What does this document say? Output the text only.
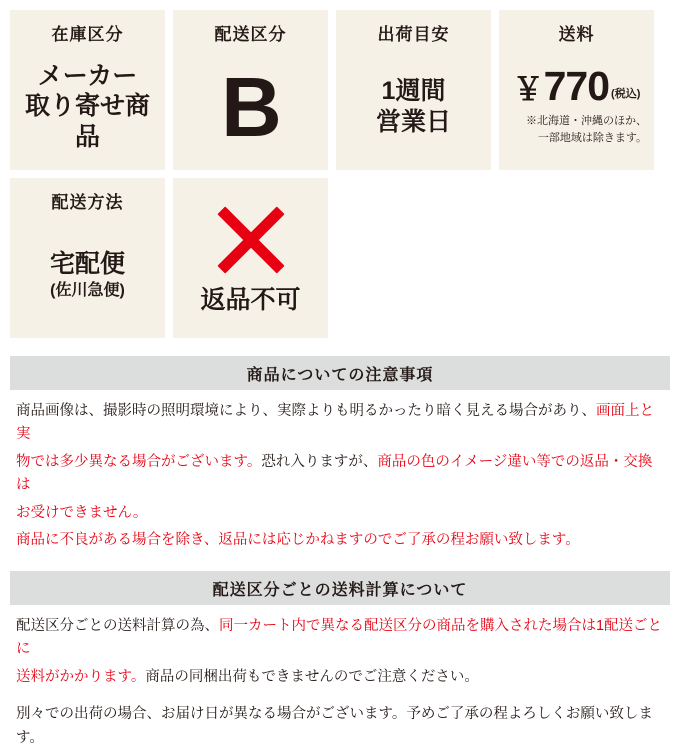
在庫区分
メーカー
取り寄せ商品
配送区分
B
出荷目安
1週間
営業日
送料
￥ 770 (税込)
※北海道・沖縄のほか、
一部地域は除きます。
配送方法
宅配便
(佐川急便)	返品不可
商品についての注意事項

商品画像は、撮影時の照明環境により、実際よりも明るかったり暗く見える場合があり、画面上と実

物では多少異なる場合がございます。恐れ入りますが、商品の色のイメージ違い等での返品・交換は

お受けできません。

商品に不良がある場合を除き、返品には応じかねますのでご了承の程お願い致します。

配送区分ごとの送料計算について

配送区分ごとの送料計算の為、同一カート内で異なる配送区分の商品を購入された場合は1配送ごとに

送料がかかります。商品の同梱出荷もできませんのでご注意ください。

別々での出荷の場合、お届け日が異なる場合がございます。予めご了承の程よろしくお願い致します。
